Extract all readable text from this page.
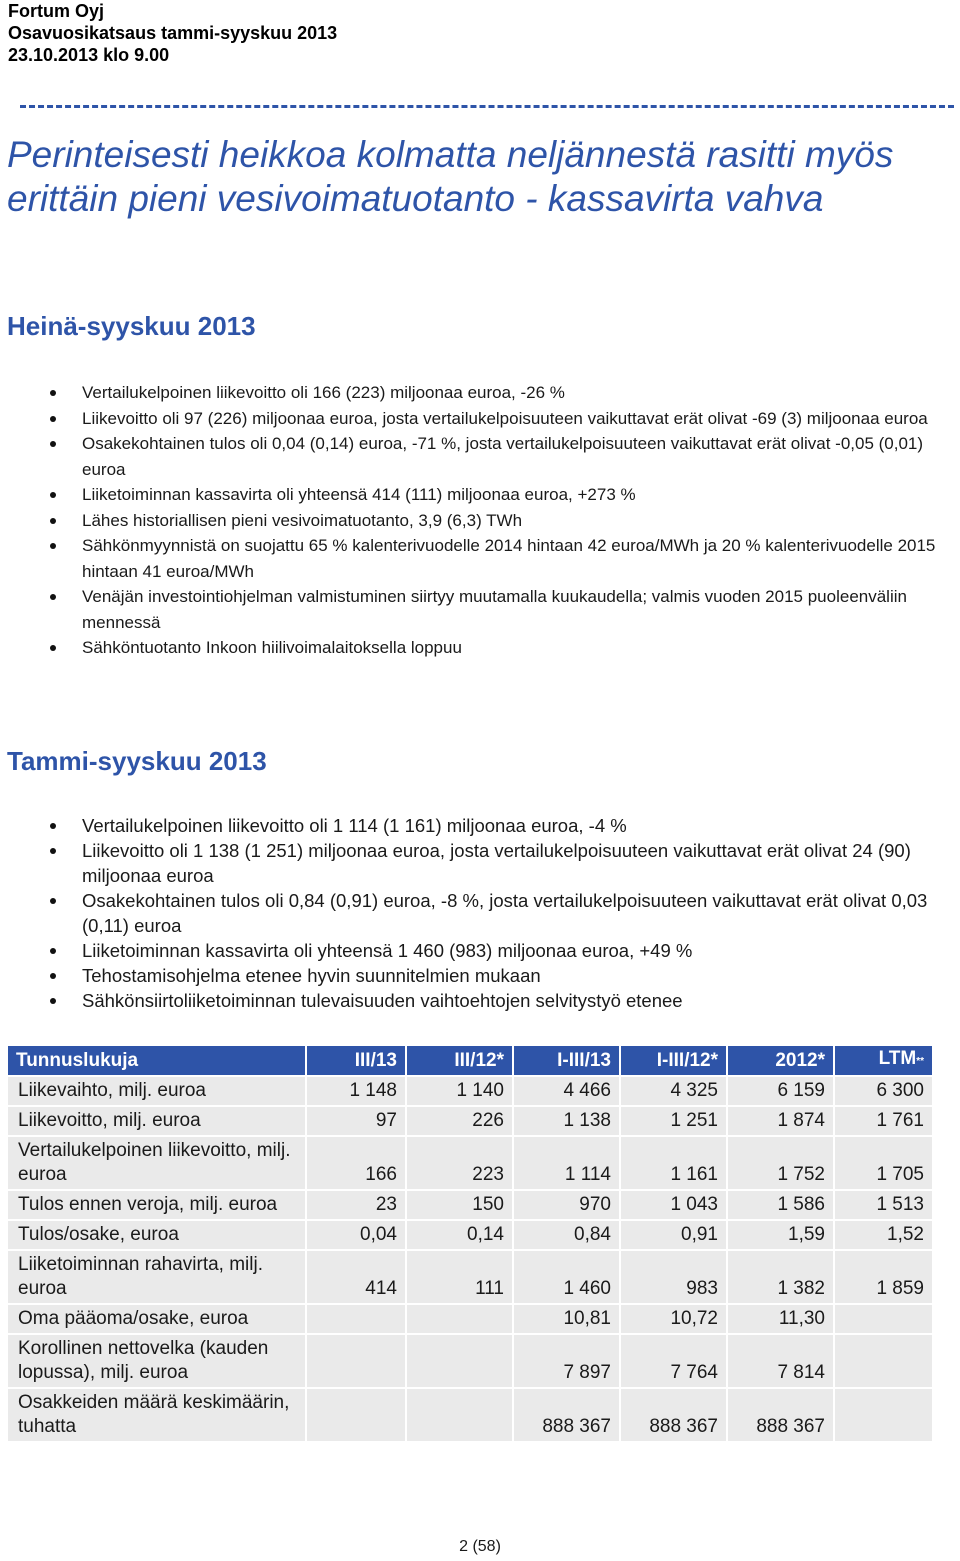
Fortum Oyj
Osavuosikatsaus tammi-syyskuu 2013
23.10.2013 klo 9.00
Perinteisesti heikkoa kolmatta neljännestä rasitti myös erittäin pieni vesivoimatuotanto - kassavirta vahva
Heinä-syyskuu 2013
Vertailukelpoinen liikevoitto oli 166 (223) miljoonaa euroa, -26 %
Liikevoitto oli 97 (226) miljoonaa euroa, josta vertailukelpoisuuteen vaikuttavat erät olivat -69 (3) miljoonaa euroa
Osakekohtainen tulos oli 0,04 (0,14) euroa, -71 %, josta vertailukelpoisuuteen vaikuttavat erät olivat -0,05 (0,01) euroa
Liiketoiminnan kassavirta oli yhteensä 414 (111) miljoonaa euroa, +273 %
Lähes historiallisen pieni vesivoimatuotanto, 3,9 (6,3) TWh
Sähkönmyynnistä on suojattu 65 % kalenterivuodelle 2014 hintaan 42 euroa/MWh ja 20 % kalenterivuodelle 2015 hintaan 41 euroa/MWh
Venäjän investointiohjelman valmistuminen siirtyy muutamalla kuukaudella; valmis vuoden 2015 puoleenväliin mennessä
Sähköntuotanto Inkoon hiilivoimalaitoksella loppuu
Tammi-syyskuu 2013
Vertailukelpoinen liikevoitto oli 1 114 (1 161) miljoonaa euroa, -4 %
Liikevoitto oli 1 138 (1 251) miljoonaa euroa, josta vertailukelpoisuuteen vaikuttavat erät olivat 24 (90) miljoonaa euroa
Osakekohtainen tulos oli 0,84 (0,91) euroa, -8 %, josta vertailukelpoisuuteen vaikuttavat erät olivat 0,03 (0,11) euroa
Liiketoiminnan kassavirta oli yhteensä 1 460 (983) miljoonaa euroa, +49 %
Tehostamisohjelma etenee hyvin suunnitelmien mukaan
Sähkönsiirtoliiketoiminnan tulevaisuuden vaihtoehtojen selvitystyö etenee
Tunnuslukuja	III/13	III/12*	I-III/13	I-III/12*	2012*	LTM**
Liikevaihto, milj. euroa	1 148	1 140	4 466	4 325	6 159	6 300
Liikevoitto, milj. euroa	97	226	1 138	1 251	1 874	1 761
Vertailukelpoinen liikevoitto, milj. euroa	166	223	1 114	1 161	1 752	1 705
Tulos ennen veroja, milj. euroa	23	150	970	1 043	1 586	1 513
Tulos/osake, euroa	0,04	0,14	0,84	0,91	1,59	1,52
Liiketoiminnan rahavirta, milj. euroa	414	111	1 460	983	1 382	1 859
Oma pääoma/osake, euroa			10,81	10,72	11,30	
Korollinen nettovelka (kauden lopussa), milj. euroa			7 897	7 764	7 814	
Osakkeiden määrä keskimäärin, tuhatta			888 367	888 367	888 367	
2 (58)
